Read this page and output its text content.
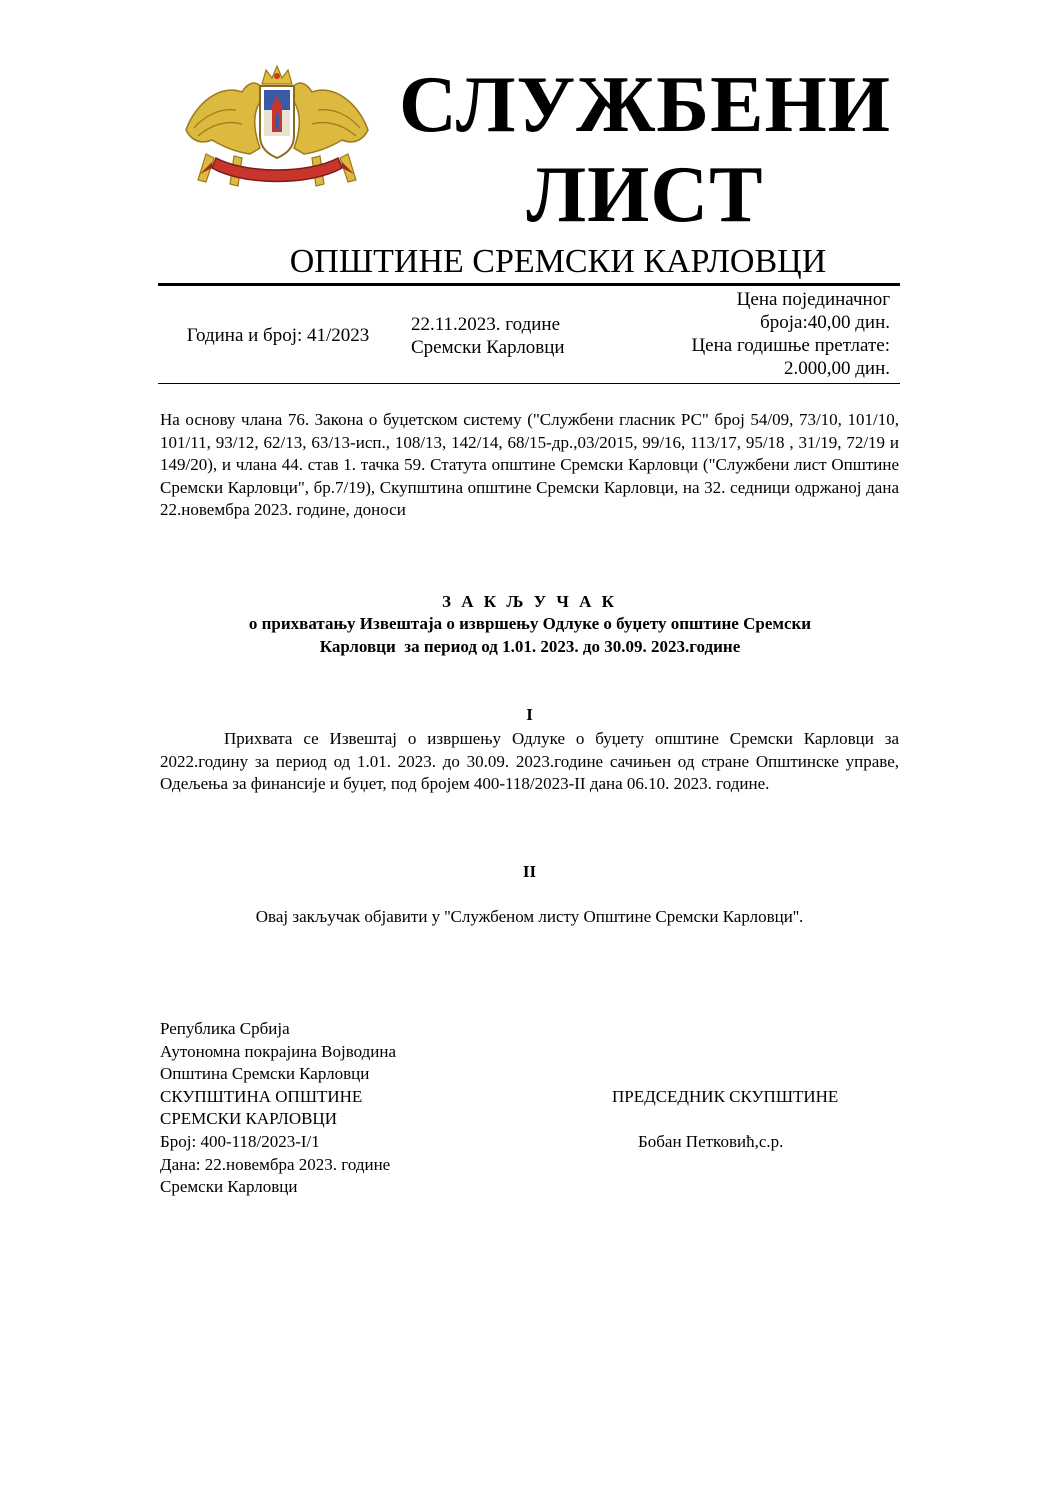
СЛУЖБЕНИ
ЛИСТ
ОПШТИНЕ СРЕМСКИ КАРЛОВЦИ
Година и број: 41/2023
22.11.2023. године
Сремски Карловци
Цена појединачног
броја:40,00 дин.
Цена годишње претлате:
2.000,00 дин.
На основу члана 76. Закона о буџетском систему ("Службени гласник РС" број 54/09, 73/10, 101/10, 101/11, 93/12, 62/13, 63/13-исп., 108/13, 142/14, 68/15-др.,03/2015, 99/16, 113/17, 95/18 , 31/19, 72/19 и 149/20), и члана 44. став 1. тачка 59. Статута општине Сремски Карловци ("Службени лист Општине Сремски Карловци", бр.7/19), Скупштина општине Сремски Карловци, на 32. седници одржаној дана 22.новембра 2023. године, доноси
З А К Љ У Ч А К
о прихватању Извештаја о извршењу Одлуке о буџету општине Сремски
Карловци  за период од 1.01. 2023. до 30.09. 2023.године
I
Прихвата се Извештај о извршењу Одлуке о буџету општине Сремски Карловци за 2022.годину за период од 1.01. 2023. до 30.09. 2023.године сачињен од стране Општинске управе, Одељења за финансије и буџет, под бројем 400-118/2023-II дана 06.10. 2023. године.
II
Овај закључак објавити у ''Службеном листу Општине Сремски Карловци''.
Република Србија
Аутономна покрајина Војводина
Општина Сремски Карловци
СКУПШТИНА ОПШТИНЕ
СРЕМСКИ КАРЛОВЦИ
Број: 400-118/2023-I/1
Дана: 22.новембра 2023. године
Сремски Карловци
ПРЕДСЕДНИК СКУПШТИНЕ
Бобан Петковић,с.р.
